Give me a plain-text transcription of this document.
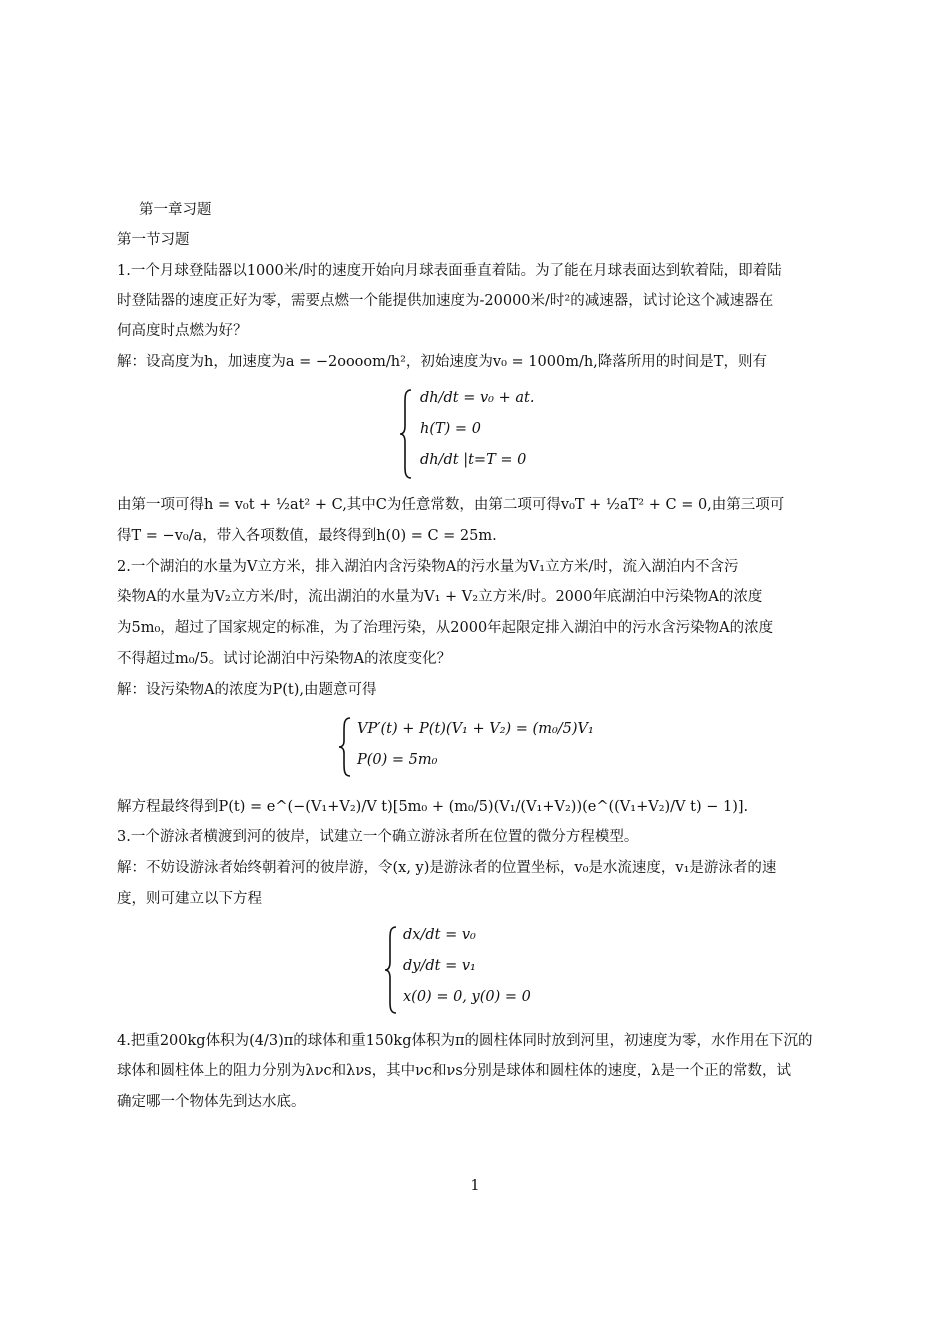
第一章习题
第一节习题
1.一个月球登陆器以1000米/时的速度开始向月球表面垂直着陆。为了能在月球表面达到软着陆，即着陆
时登陆器的速度正好为零，需要点燃一个能提供加速度为-20000米/时²的减速器，试讨论这个减速器在
何高度时点燃为好？
解：设高度为h，加速度为a = −2oooom/h²，初始速度为v₀ = 1000m/h,降落所用的时间是T，则有
dh/dt = v₀ + at.
h(T) = 0
dh/dt |t=T = 0
由第一项可得h = v₀t + ½at² + C,其中C为任意常数，由第二项可得v₀T + ½aT² + C = 0,由第三项可
得T = −v₀/a，带入各项数值，最终得到h(0) = C = 25m.
2.一个湖泊的水量为V立方米，排入湖泊内含污染物A的污水量为V₁立方米/时，流入湖泊内不含污
染物A的水量为V₂立方米/时，流出湖泊的水量为V₁ + V₂立方米/时。2000年底湖泊中污染物A的浓度
为5m₀，超过了国家规定的标准，为了治理污染，从2000年起限定排入湖泊中的污水含污染物A的浓度
不得超过m₀/5。试讨论湖泊中污染物A的浓度变化？
解：设污染物A的浓度为P(t),由题意可得
VP′(t) + P(t)(V₁ + V₂) = (m₀/5)V₁
P(0) = 5m₀
解方程最终得到P(t) = e^(−(V₁+V₂)/V t)[5m₀ + (m₀/5)(V₁/(V₁+V₂))(e^((V₁+V₂)/V t) − 1)].
3.一个游泳者横渡到河的彼岸，试建立一个确立游泳者所在位置的微分方程模型。
解：不妨设游泳者始终朝着河的彼岸游，令(x, y)是游泳者的位置坐标，v₀是水流速度，v₁是游泳者的速
度，则可建立以下方程
dx/dt = v₀
dy/dt = v₁
x(0) = 0, y(0) = 0
4.把重200kg体积为(4/3)π的球体和重150kg体积为π的圆柱体同时放到河里，初速度为零，水作用在下沉的
球体和圆柱体上的阻力分别为λνc和λνs，其中νc和νs分别是球体和圆柱体的速度，λ是一个正的常数，试
确定哪一个物体先到达水底。
1
